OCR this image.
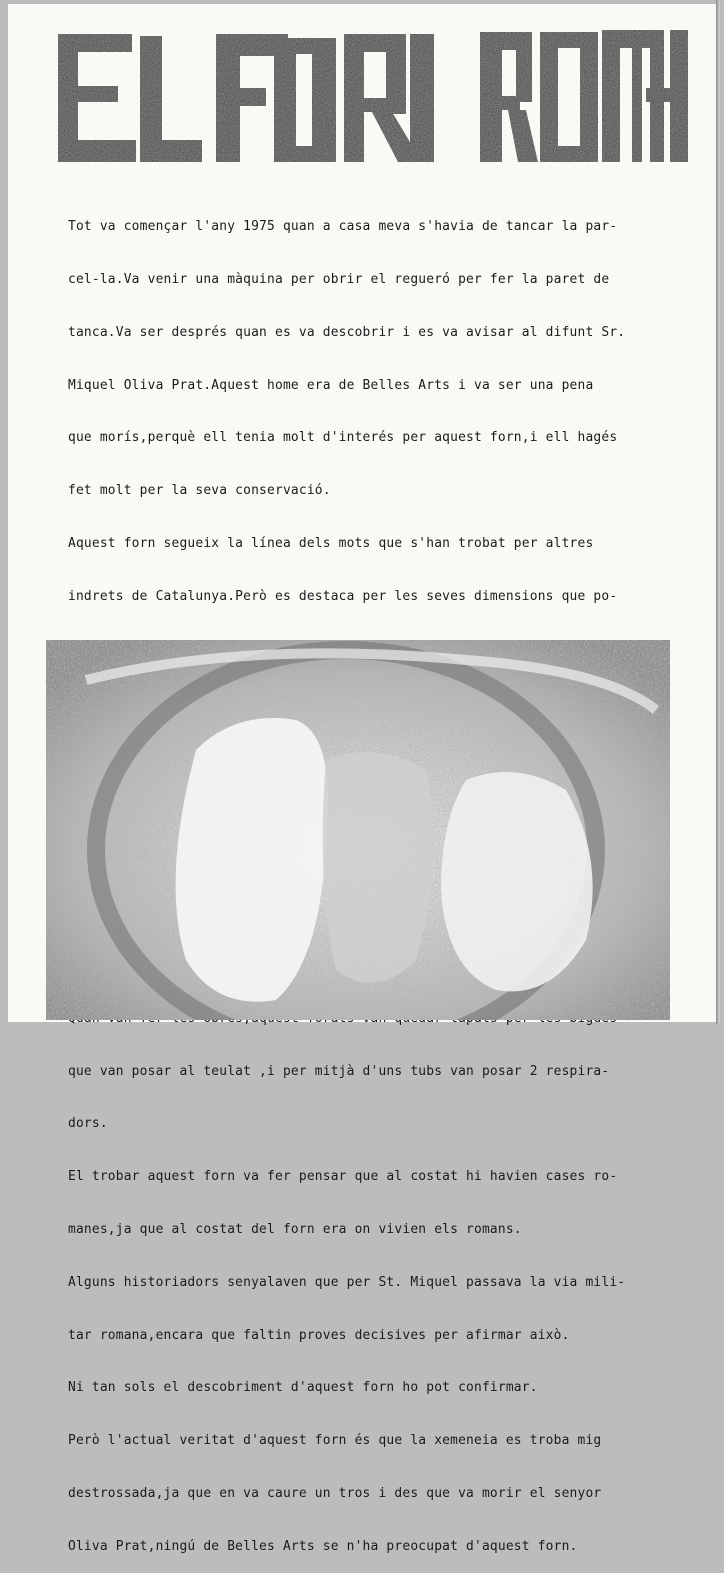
Tot va començar l'any 1975 quan a casa meva s'havia de tancar la par-

cel-la.Va venir una màquina per obrir el regueró per fer la paret de

tanca.Va ser després quan es va descobrir i es va avisar al difunt Sr.

Miquel Oliva Prat.Aquest home era de Belles Arts i va ser una pena

que morís,perquè ell tenia molt d'interés per aquest forn,i ell hagés

fet molt per la seva conservació.

Aquest forn segueix la línea dels mots que s'han trobat per altres

indrets de Catalunya.Però es destaca per les seves dimensions que po-

que van posar al teulat ,i per mitjà d'uns tubs van posar 2 respira-

dors.

El trobar aquest forn va fer pensar que al costat hi havien cases ro-

manes,ja que al costat del forn era on vivien els romans.

Alguns historiadors senyalaven que per St. Miquel passava la via mili-

tar romana,encara que faltin proves decisives per afirmar això.

Ni tan sols el descobriment d'aquest forn ho pot confirmar.

Però l'actual veritat d'aquest forn és que la xemeneia es troba mig

destrossada,ja que en va caure un tros i des que va morir el senyor

Oliva Prat,ningú de Belles Arts se n'ha preocupat d'aquest forn.
